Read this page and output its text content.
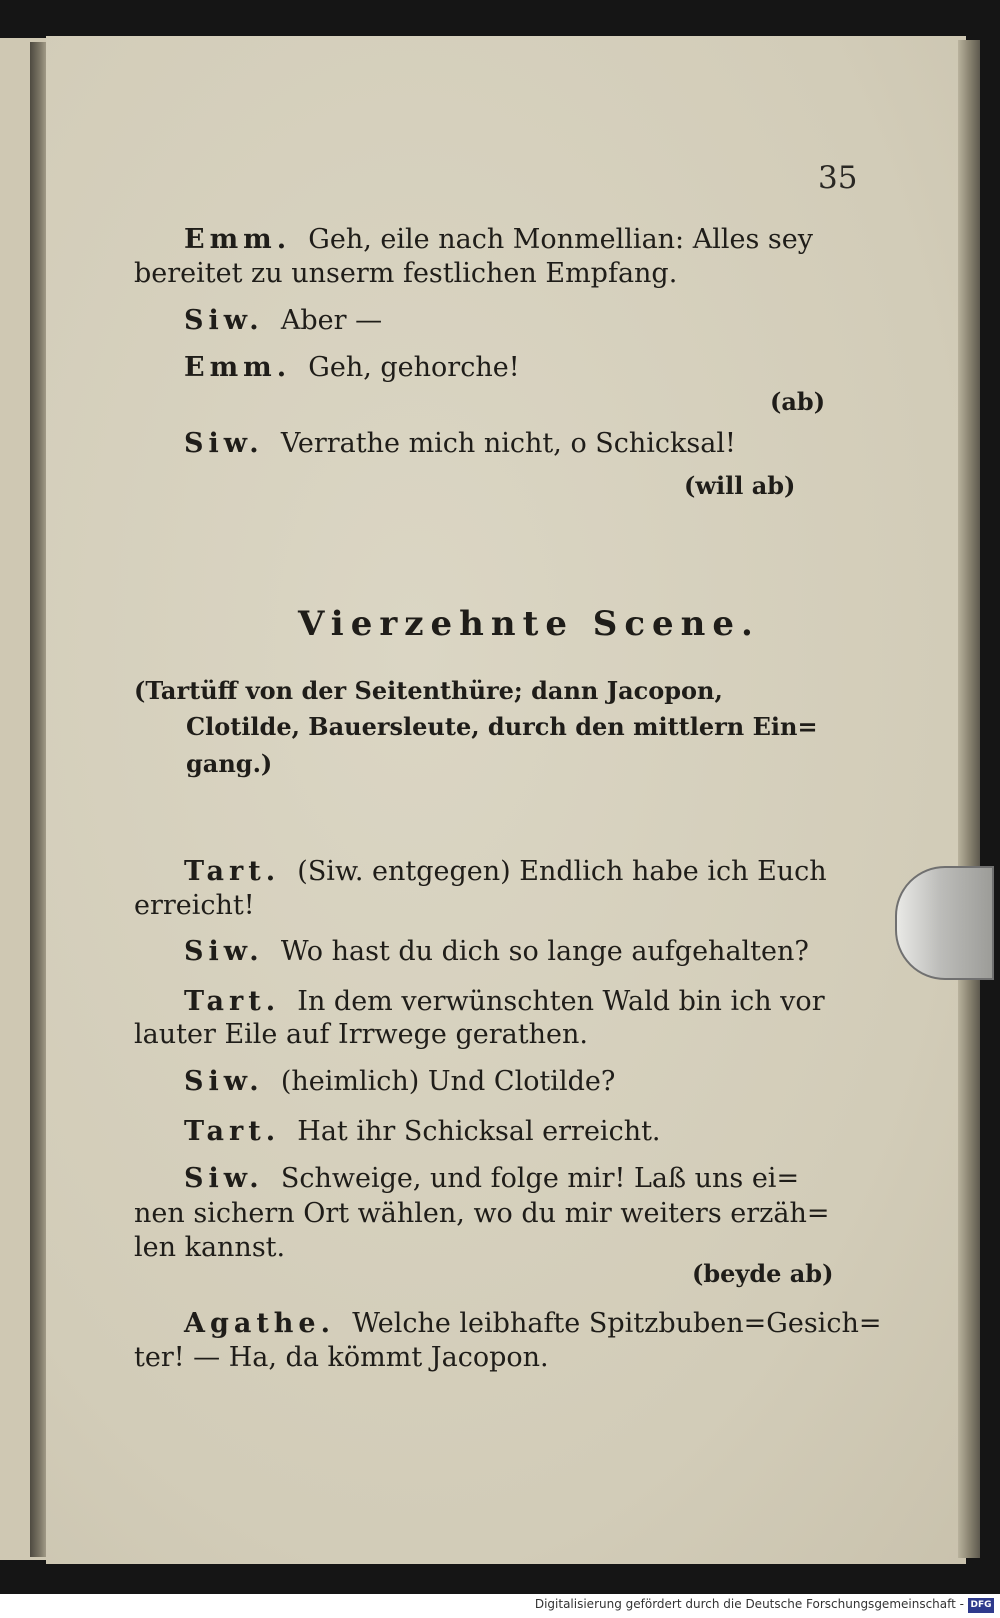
35
Emm. Geh, eile nach Monmellian: Alles sey
bereitet zu unserm festlichen Empfang.
Siw. Aber —
Emm. Geh, gehorche!
(ab)
Siw. Verrathe mich nicht, o Schicksal!
(will ab)
Vierzehnte Scene.
(Tartüff von der Seitenthüre; dann Jacopon,
Clotilde, Bauersleute, durch den mittlern Ein=
gang.)
Tart. (Siw. entgegen) Endlich habe ich Euch
erreicht!
Siw. Wo hast du dich so lange aufgehalten?
Tart. In dem verwünschten Wald bin ich vor
lauter Eile auf Irrwege gerathen.
Siw. (heimlich) Und Clotilde?
Tart. Hat ihr Schicksal erreicht.
Siw. Schweige, und folge mir! Laß uns ei=
nen sichern Ort wählen, wo du mir weiters erzäh=
len kannst.
(beyde ab)
Agathe. Welche leibhafte Spitzbuben=Gesich=
ter! — Ha, da kömmt Jacopon.
Digitalisierung gefördert durch die Deutsche Forschungsgemeinschaft - DFG
